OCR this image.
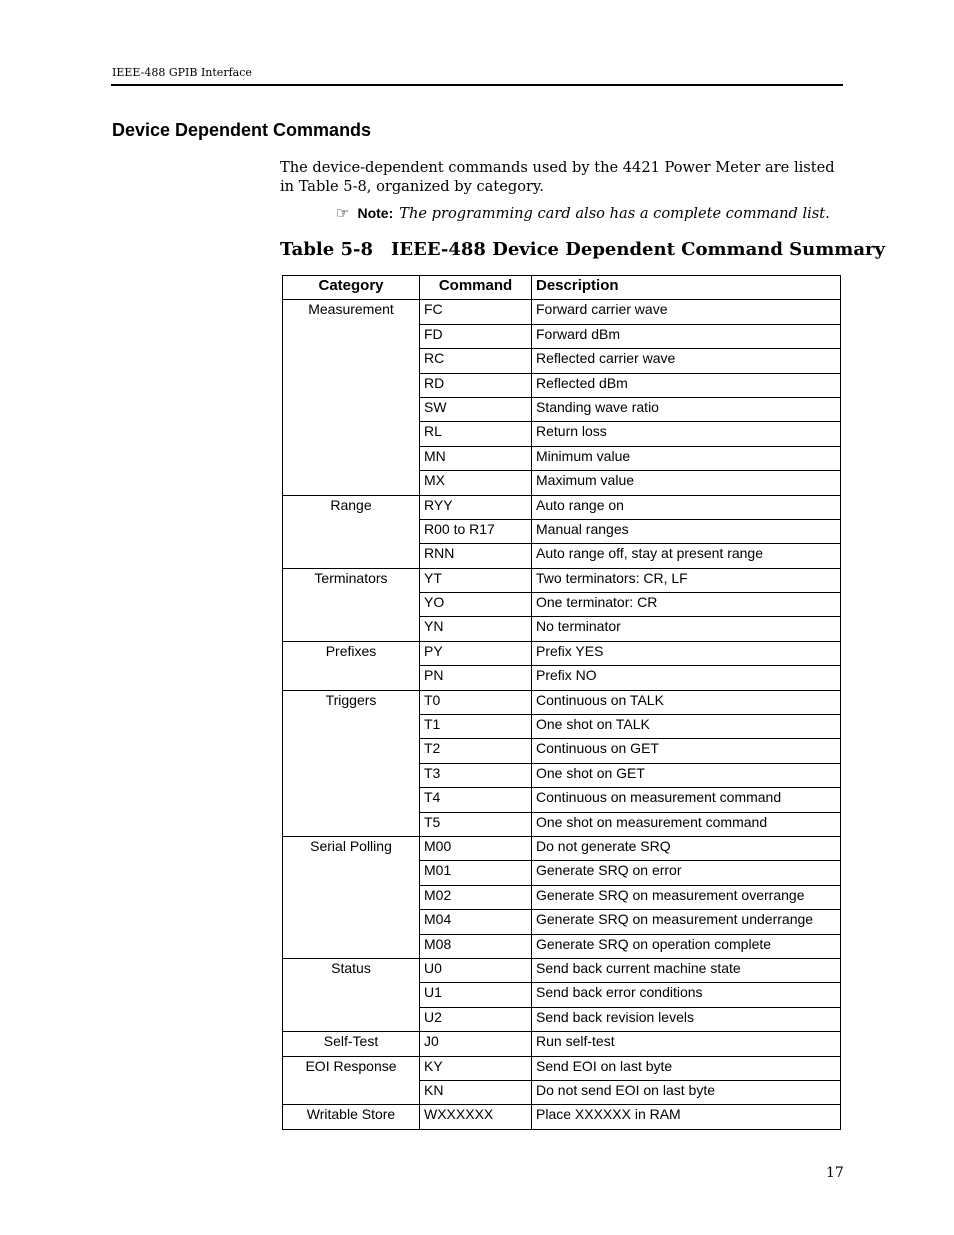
IEEE-488 GPIB Interface
Device Dependent Commands

The device-dependent commands used by the 4421 Power Meter are listed in Table 5-8, organized by category.

☞ Note: The programming card also has a complete command list.
Table 5-8 IEEE-488 Device Dependent Command Summary
Category	Command	Description
Measurement	FC	Forward carrier wave
	FD	Forward dBm
	RC	Reflected carrier wave
	RD	Reflected dBm
	SW	Standing wave ratio
	RL	Return loss
	MN	Minimum value
	MX	Maximum value
Range	RYY	Auto range on
	R00 to R17	Manual ranges
	RNN	Auto range off, stay at present range
Terminators	YT	Two terminators: CR, LF
	YO	One terminator: CR
	YN	No terminator
Prefixes	PY	Prefix YES
	PN	Prefix NO
Triggers	T0	Continuous on TALK
	T1	One shot on TALK
	T2	Continuous on GET
	T3	One shot on GET
	T4	Continuous on measurement command
	T5	One shot on measurement command
Serial Polling	M00	Do not generate SRQ
	M01	Generate SRQ on error
	M02	Generate SRQ on measurement overrange
	M04	Generate SRQ on measurement underrange
	M08	Generate SRQ on operation complete
Status	U0	Send back current machine state
	U1	Send back error conditions
	U2	Send back revision levels
Self-Test	J0	Run self-test
EOI Response	KY	Send EOI on last byte
	KN	Do not send EOI on last byte
Writable Store	WXXXXXX	Place XXXXXX in RAM
17
